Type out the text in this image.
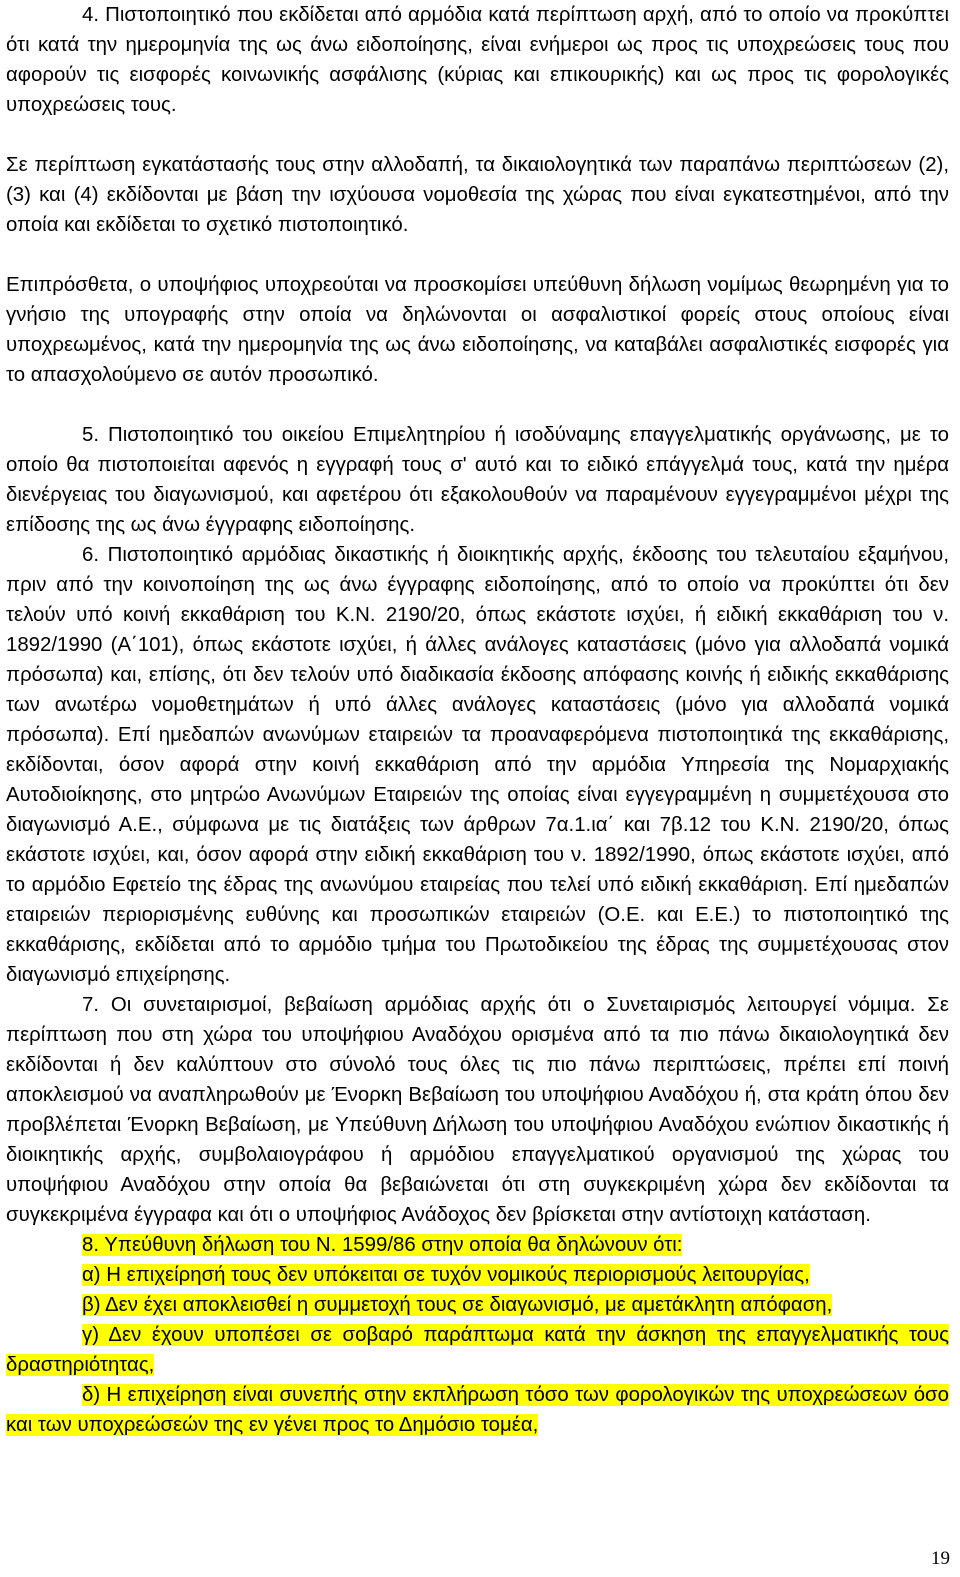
4. Πιστοποιητικό που εκδίδεται από αρμόδια κατά περίπτωση αρχή, από το οποίο να προκύπτει ότι κατά την ημερομηνία της ως άνω ειδοποίησης, είναι ενήμεροι ως προς τις υποχρεώσεις τους που αφορούν τις εισφορές κοινωνικής ασφάλισης (κύριας και επικουρικής) και ως προς τις φορολογικές υποχρεώσεις τους.

Σε περίπτωση εγκατάστασής τους στην αλλοδαπή, τα δικαιολογητικά των παραπάνω περιπτώσεων (2), (3) και (4) εκδίδονται με βάση την ισχύουσα νομοθεσία της χώρας που είναι εγκατεστημένοι, από την οποία και εκδίδεται το σχετικό πιστοποιητικό.

Επιπρόσθετα, ο υποψήφιος υποχρεούται να προσκομίσει υπεύθυνη δήλωση νομίμως θεωρημένη για το γνήσιο της υπογραφής στην οποία να δηλώνονται οι ασφαλιστικοί φορείς στους οποίους είναι υποχρεωμένος, κατά την ημερομηνία της ως άνω ειδοποίησης, να καταβάλει ασφαλιστικές εισφορές για το απασχολούμενο σε αυτόν προσωπικό.

5. Πιστοποιητικό του οικείου Επιμελητηρίου ή ισοδύναμης επαγγελματικής οργάνωσης, με το οποίο θα πιστοποιείται αφενός η εγγραφή τους σ' αυτό και το ειδικό επάγγελμά τους, κατά την ημέρα διενέργειας του διαγωνισμού, και αφετέρου ότι εξακολουθούν να παραμένουν εγγεγραμμένοι μέχρι της επίδοσης της ως άνω έγγραφης ειδοποίησης.

6. Πιστοποιητικό αρμόδιας δικαστικής ή διοικητικής αρχής, έκδοσης του τελευταίου εξαμήνου, πριν από την κοινοποίηση της ως άνω έγγραφης ειδοποίησης, από το οποίο να προκύπτει ότι δεν τελούν υπό κοινή εκκαθάριση του Κ.Ν. 2190/20, όπως εκάστοτε ισχύει, ή ειδική εκκαθάριση του ν. 1892/1990 (Α΄101), όπως εκάστοτε ισχύει, ή άλλες ανάλογες καταστάσεις (μόνο για αλλοδαπά νομικά πρόσωπα) και, επίσης, ότι δεν τελούν υπό διαδικασία έκδοσης απόφασης κοινής ή ειδικής εκκαθάρισης των ανωτέρω νομοθετημάτων ή υπό άλλες ανάλογες καταστάσεις (μόνο για αλλοδαπά νομικά πρόσωπα). Επί ημεδαπών ανωνύμων εταιρειών τα προαναφερόμενα πιστοποιητικά της εκκαθάρισης, εκδίδονται, όσον αφορά στην κοινή εκκαθάριση από την αρμόδια Υπηρεσία της Νομαρχιακής Αυτοδιοίκησης, στο μητρώο Ανωνύμων Εταιρειών της οποίας είναι εγγεγραμμένη η συμμετέχουσα στο διαγωνισμό Α.Ε., σύμφωνα με τις διατάξεις των άρθρων 7α.1.ια΄ και 7β.12 του Κ.Ν. 2190/20, όπως εκάστοτε ισχύει, και, όσον αφορά στην ειδική εκκαθάριση του ν. 1892/1990, όπως εκάστοτε ισχύει, από το αρμόδιο Εφετείο της έδρας της ανωνύμου εταιρείας που τελεί υπό ειδική εκκαθάριση. Επί ημεδαπών εταιρειών περιορισμένης ευθύνης και προσωπικών εταιρειών (Ο.Ε. και Ε.Ε.) το πιστοποιητικό της εκκαθάρισης, εκδίδεται από το αρμόδιο τμήμα του Πρωτοδικείου της έδρας της συμμετέχουσας στον διαγωνισμό επιχείρησης.

7. Οι συνεταιρισμοί, βεβαίωση αρμόδιας αρχής ότι ο Συνεταιρισμός λειτουργεί νόμιμα. Σε περίπτωση που στη χώρα του υποψήφιου Αναδόχου ορισμένα από τα πιο πάνω δικαιολογητικά δεν εκδίδονται ή δεν καλύπτουν στο σύνολό τους όλες τις πιο πάνω περιπτώσεις, πρέπει επί ποινή αποκλεισμού να αναπληρωθούν με Ένορκη Βεβαίωση του υποψήφιου Αναδόχου ή, στα κράτη όπου δεν προβλέπεται Ένορκη Βεβαίωση, με Υπεύθυνη Δήλωση του υποψήφιου Αναδόχου ενώπιον δικαστικής ή διοικητικής αρχής, συμβολαιογράφου ή αρμόδιου επαγγελματικού οργανισμού της χώρας του υποψήφιου Αναδόχου στην οποία θα βεβαιώνεται ότι στη συγκεκριμένη χώρα δεν εκδίδονται τα συγκεκριμένα έγγραφα και ότι ο υποψήφιος Ανάδοχος δεν βρίσκεται στην αντίστοιχη κατάσταση.

8. Υπεύθυνη δήλωση του Ν. 1599/86 στην οποία θα δηλώνουν ότι:

α) Η επιχείρησή τους δεν υπόκειται σε τυχόν νομικούς περιορισμούς λειτουργίας,

β) Δεν έχει αποκλεισθεί η συμμετοχή τους σε διαγωνισμό, με αμετάκλητη απόφαση,

γ) Δεν έχουν υποπέσει σε σοβαρό παράπτωμα κατά την άσκηση της επαγγελματικής τους δραστηριότητας,

δ) Η επιχείρηση είναι συνεπής στην εκπλήρωση τόσο των φορολογικών της υποχρεώσεων όσο και των υποχρεώσεών της εν γένει προς το Δημόσιο τομέα,

19
